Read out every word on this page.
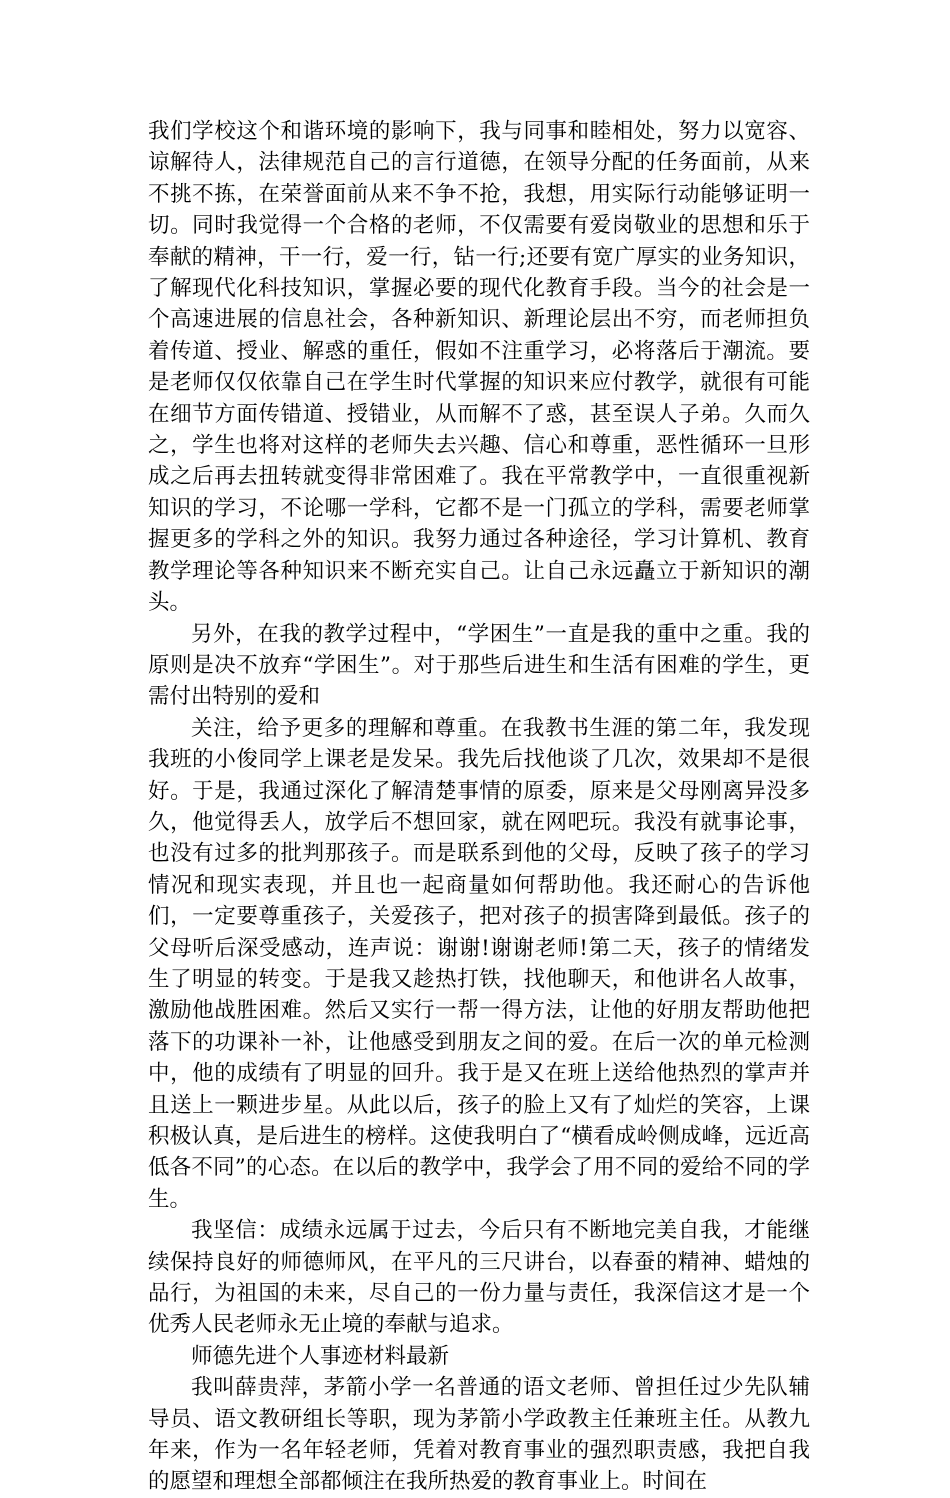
我们学校这个和谐环境的影响下，我与同事和睦相处，努力以宽容、谅解待人，法律规范自己的言行道德，在领导分配的任务面前，从来不挑不拣，在荣誉面前从来不争不抢，我想，用实际行动能够证明一切。同时我觉得一个合格的老师，不仅需要有爱岗敬业的思想和乐于奉献的精神，干一行，爱一行，钻一行;还要有宽广厚实的业务知识，了解现代化科技知识，掌握必要的现代化教育手段。当今的社会是一个高速进展的信息社会，各种新知识、新理论层出不穷，而老师担负着传道、授业、解惑的重任，假如不注重学习，必将落后于潮流。要是老师仅仅依靠自己在学生时代掌握的知识来应付教学，就很有可能在细节方面传错道、授错业，从而解不了惑，甚至误人子弟。久而久之，学生也将对这样的老师失去兴趣、信心和尊重，恶性循环一旦形成之后再去扭转就变得非常困难了。我在平常教学中，一直很重视新知识的学习，不论哪一学科，它都不是一门孤立的学科，需要老师掌握更多的学科之外的知识。我努力通过各种途径，学习计算机、教育教学理论等各种知识来不断充实自己。让自己永远矗立于新知识的潮头。

另外，在我的教学过程中，“学困生”一直是我的重中之重。我的原则是决不放弃“学困生”。对于那些后进生和生活有困难的学生，更需付出特别的爱和

关注，给予更多的理解和尊重。在我教书生涯的第二年，我发现我班的小俊同学上课老是发呆。我先后找他谈了几次，效果却不是很好。于是，我通过深化了解清楚事情的原委，原来是父母刚离异没多久，他觉得丢人，放学后不想回家，就在网吧玩。我没有就事论事，也没有过多的批判那孩子。而是联系到他的父母，反映了孩子的学习情况和现实表现，并且也一起商量如何帮助他。我还耐心的告诉他们，一定要尊重孩子，关爱孩子，把对孩子的损害降到最低。孩子的父母听后深受感动，连声说：谢谢!谢谢老师!第二天，孩子的情绪发生了明显的转变。于是我又趁热打铁，找他聊天，和他讲名人故事，激励他战胜困难。然后又实行一帮一得方法，让他的好朋友帮助他把落下的功课补一补，让他感受到朋友之间的爱。在后一次的单元检测中，他的成绩有了明显的回升。我于是又在班上送给他热烈的掌声并且送上一颗进步星。从此以后，孩子的脸上又有了灿烂的笑容，上课积极认真，是后进生的榜样。这使我明白了“横看成岭侧成峰，远近高低各不同”的心态。在以后的教学中，我学会了用不同的爱给不同的学生。

我坚信：成绩永远属于过去，今后只有不断地完美自我，才能继续保持良好的师德师风，在平凡的三尺讲台，以春蚕的精神、蜡烛的品行，为祖国的未来，尽自己的一份力量与责任，我深信这才是一个优秀人民老师永无止境的奉献与追求。

师德先进个人事迹材料最新

我叫薛贵萍，茅箭小学一名普通的语文老师、曾担任过少先队辅导员、语文教研组长等职，现为茅箭小学政教主任兼班主任。从教九年来，作为一名年轻老师，凭着对教育事业的强烈职责感，我把自我的愿望和理想全部都倾注在我所热爱的教育事业上。时间在
